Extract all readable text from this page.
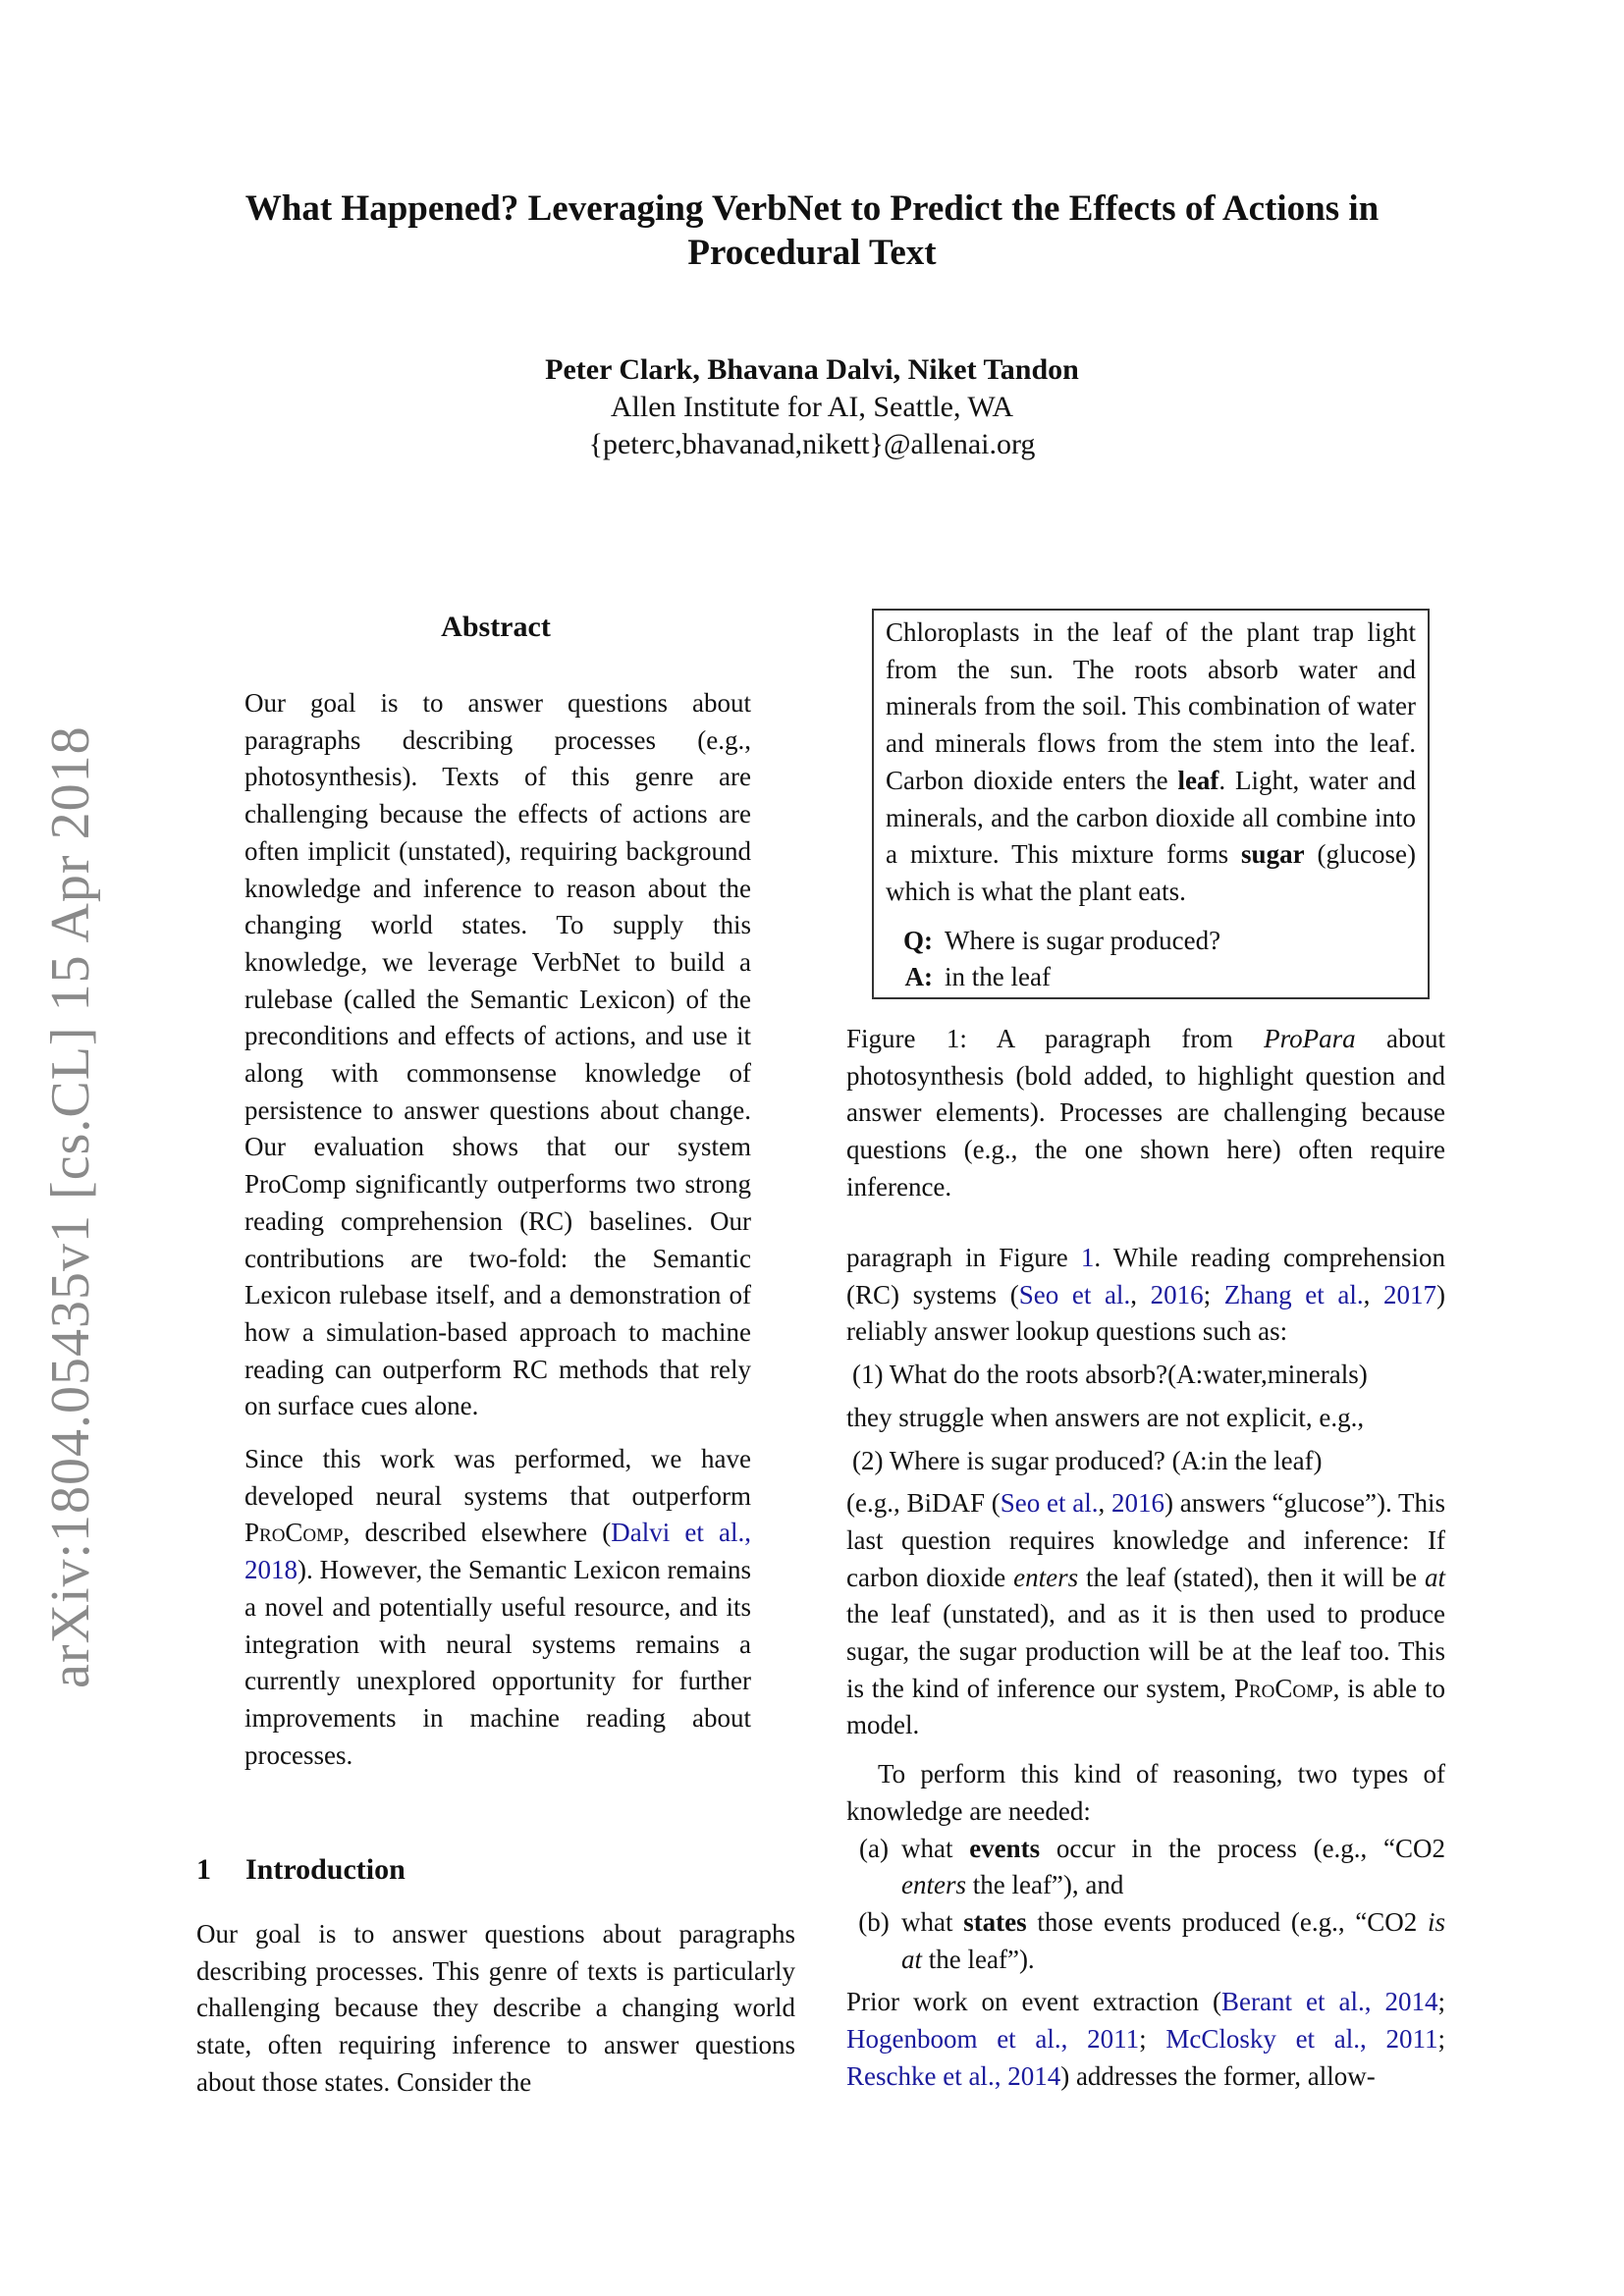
What Happened? Leveraging VerbNet to Predict the Effects of Actions in
Procedural Text
Peter Clark, Bhavana Dalvi, Niket Tandon
Allen Institute for AI, Seattle, WA
{peterc,bhavanad,nikett}@allenai.org
arXiv:1804.05435v1 [cs.CL] 15 Apr 2018
Abstract

Our goal is to answer questions about paragraphs describing processes (e.g., photosynthesis). Texts of this genre are challenging because the effects of actions are often implicit (unstated), requiring background knowledge and inference to reason about the changing world states. To supply this knowledge, we leverage VerbNet to build a rulebase (called the Semantic Lexicon) of the preconditions and effects of actions, and use it along with commonsense knowledge of persistence to answer questions about change. Our evaluation shows that our system ProComp significantly outperforms two strong reading comprehension (RC) baselines. Our contributions are two-fold: the Semantic Lexicon rulebase itself, and a demonstration of how a simulation-based approach to machine reading can outperform RC methods that rely on surface cues alone.

Since this work was performed, we have developed neural systems that outperform ProComp, described elsewhere (Dalvi et al., 2018). However, the Semantic Lexicon remains a novel and potentially useful resource, and its integration with neural systems remains a currently unexplored opportunity for further improvements in machine reading about processes.

1 Introduction

Our goal is to answer questions about paragraphs describing processes. This genre of texts is particularly challenging because they describe a changing world state, often requiring inference to answer questions about those states. Consider the

Chloroplasts in the leaf of the plant trap light from the sun. The roots absorb water and minerals from the soil. This combination of water and minerals flows from the stem into the leaf. Carbon dioxide enters the leaf. Light, water and minerals, and the carbon dioxide all combine into a mixture. This mixture forms sugar (glucose) which is what the plant eats.
Q: Where is sugar produced?
A: in the leaf

Figure 1: A paragraph from ProPara about photosynthesis (bold added, to highlight question and answer elements). Processes are challenging because questions (e.g., the one shown here) often require inference.

paragraph in Figure 1. While reading comprehension (RC) systems (Seo et al., 2016; Zhang et al., 2017) reliably answer lookup questions such as:

(1) What do the roots absorb?(A:water,minerals)

they struggle when answers are not explicit, e.g.,

(2) Where is sugar produced? (A:in the leaf)

(e.g., BiDAF (Seo et al., 2016) answers “glucose”). This last question requires knowledge and inference: If carbon dioxide enters the leaf (stated), then it will be at the leaf (unstated), and as it is then used to produce sugar, the sugar production will be at the leaf too. This is the kind of inference our system, ProComp, is able to model.

To perform this kind of reasoning, two types of knowledge are needed:

(a) what events occur in the process (e.g., “CO2 enters the leaf”), and
(b) what states those events produced (e.g., “CO2 is at the leaf”).

Prior work on event extraction (Berant et al., 2014; Hogenboom et al., 2011; McClosky et al., 2011; Reschke et al., 2014) addresses the former, allow-
